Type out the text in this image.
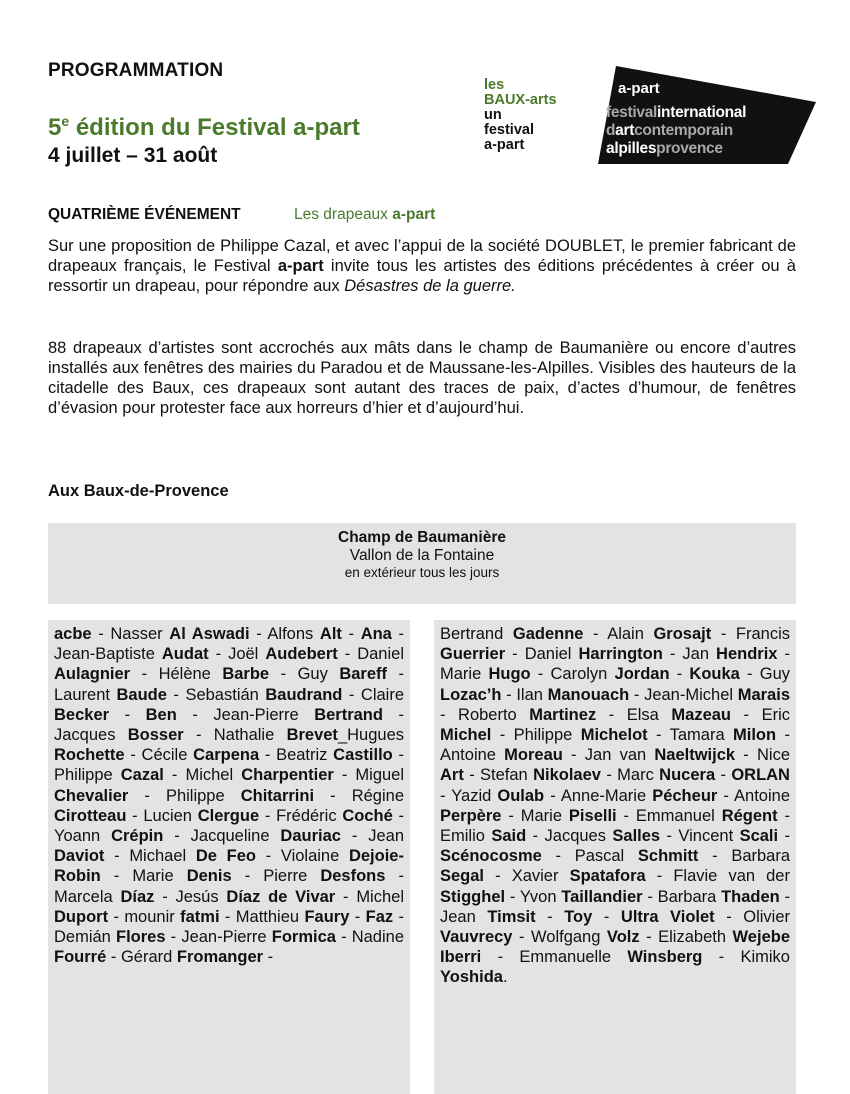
PROGRAMMATION
5e édition du Festival a-part
4 juillet – 31 août
les
BAUX-arts
un
festival
a-part
a-part
festivalinternational
dartcontemporain
alpillesprovence
QUATRIÈME ÉVÉNEMENT	Les drapeaux a-part
Sur une proposition de Philippe Cazal, et avec l’appui de la société DOUBLET, le premier fabricant de drapeaux français, le Festival a-part invite tous les artistes des éditions précédentes à créer ou à ressortir un drapeau, pour répondre aux Désastres de la guerre.
88 drapeaux d’artistes sont accrochés aux mâts dans le champ de Baumanière ou encore d’autres installés aux fenêtres des mairies du Paradou et de Maussane-les-Alpilles. Visibles des hauteurs de la citadelle des Baux, ces drapeaux sont autant des traces de paix, d’actes d’humour, de fenêtres d’évasion pour protester face aux horreurs d’hier et d’aujourd’hui.
Aux Baux-de-Provence
Champ de Baumanière
Vallon de la Fontaine
en extérieur tous les jours
acbe - Nasser Al Aswadi - Alfons Alt - Ana - Jean-Baptiste Audat - Joël Audebert - Daniel Aulagnier - Hélène Barbe - Guy Bareff - Laurent Baude - Sebastián Baudrand - Claire Becker - Ben - Jean-Pierre Bertrand - Jacques Bosser - Nathalie Brevet_Hugues Rochette - Cécile Carpena - Beatriz Castillo - Philippe Cazal - Michel Charpentier - Miguel Chevalier - Philippe Chitarrini - Régine Cirotteau - Lucien Clergue - Frédéric Coché - Yoann Crépin - Jacqueline Dauriac - Jean Daviot - Michael De Feo - Violaine Dejoie-Robin - Marie Denis - Pierre Desfons - Marcela Díaz - Jesús Díaz de Vivar - Michel Duport - mounir fatmi - Matthieu Faury - Faz - Demián Flores - Jean-Pierre Formica - Nadine Fourré - Gérard Fromanger -
Bertrand Gadenne - Alain Grosajt - Francis Guerrier - Daniel Harrington - Jan Hendrix - Marie Hugo - Carolyn Jordan - Kouka - Guy Lozac’h - Ilan Manouach - Jean-Michel Marais - Roberto Martinez - Elsa Mazeau - Eric Michel - Philippe Michelot - Tamara Milon - Antoine Moreau - Jan van Naeltwijck - Nice Art - Stefan Nikolaev - Marc Nucera - ORLAN - Yazid Oulab - Anne-Marie Pécheur - Antoine Perpère - Marie Piselli - Emmanuel Régent - Emilio Said - Jacques Salles - Vincent Scali - Scénocosme - Pascal Schmitt - Barbara Segal - Xavier Spatafora - Flavie van der Stigghel - Yvon Taillandier - Barbara Thaden - Jean Timsit - Toy - Ultra Violet - Olivier Vauvrecy - Wolfgang Volz - Elizabeth Wejebe Iberri - Emmanuelle Winsberg - Kimiko Yoshida.
